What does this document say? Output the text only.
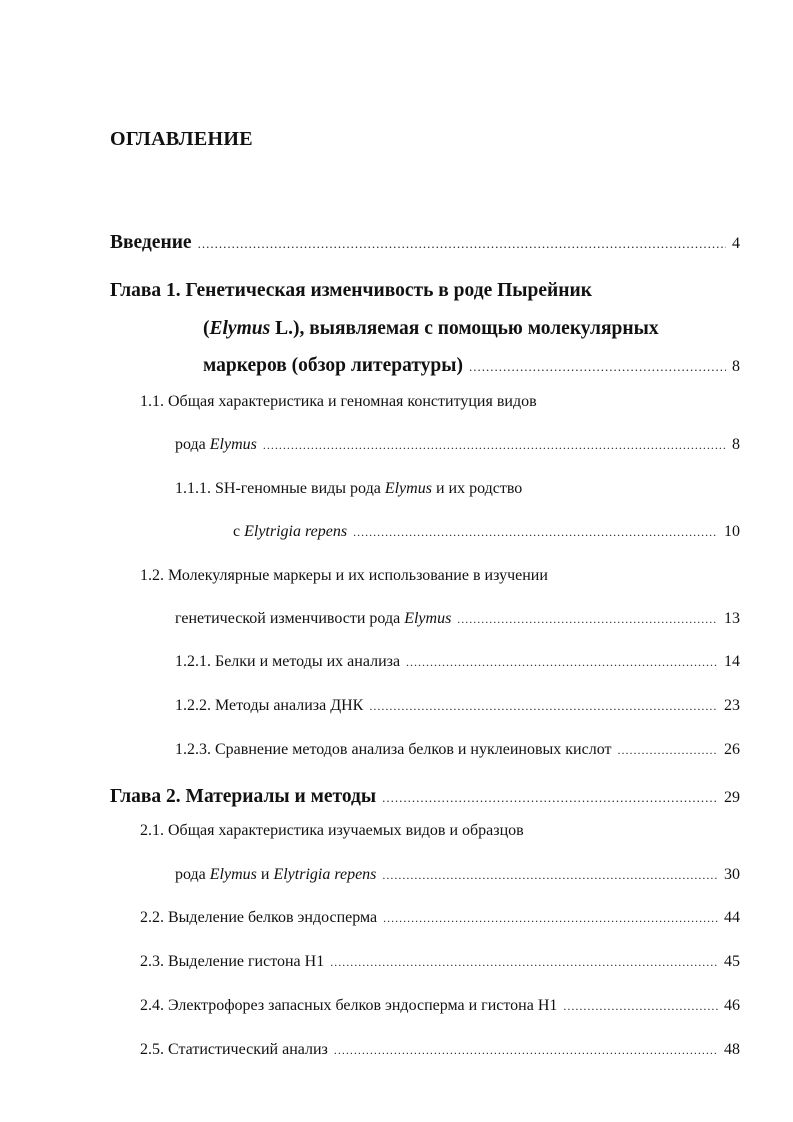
ОГЛАВЛЕНИЕ
Введение .....	4
Глава 1. Генетическая изменчивость в роде Пырейник
(Elymus L.), выявляемая с помощью молекулярных
маркеров (обзор литературы) .....	8
1.1. Общая характеристика и геномная конституция видов
рода Elymus .....	8
1.1.1. SH-геномные виды рода Elymus и их родство
с Elytrigia repens .....	10
1.2. Молекулярные маркеры и их использование в изучении
генетической изменчивости рода Elymus .....	13
1.2.1. Белки и методы их анализа .....	14
1.2.2. Методы анализа ДНК .....	23
1.2.3. Сравнение методов анализа белков и нуклеиновых кислот .....	26
Глава 2. Материалы и методы .....	29
2.1. Общая характеристика изучаемых видов и образцов
рода Elymus и Elytrigia repens .....	30
2.2. Выделение белков эндосперма .....	44
2.3. Выделение гистона Н1 .....	45
2.4. Электрофорез запасных белков эндосперма и гистона Н1 .....	46
2.5. Статистический анализ .....	48
